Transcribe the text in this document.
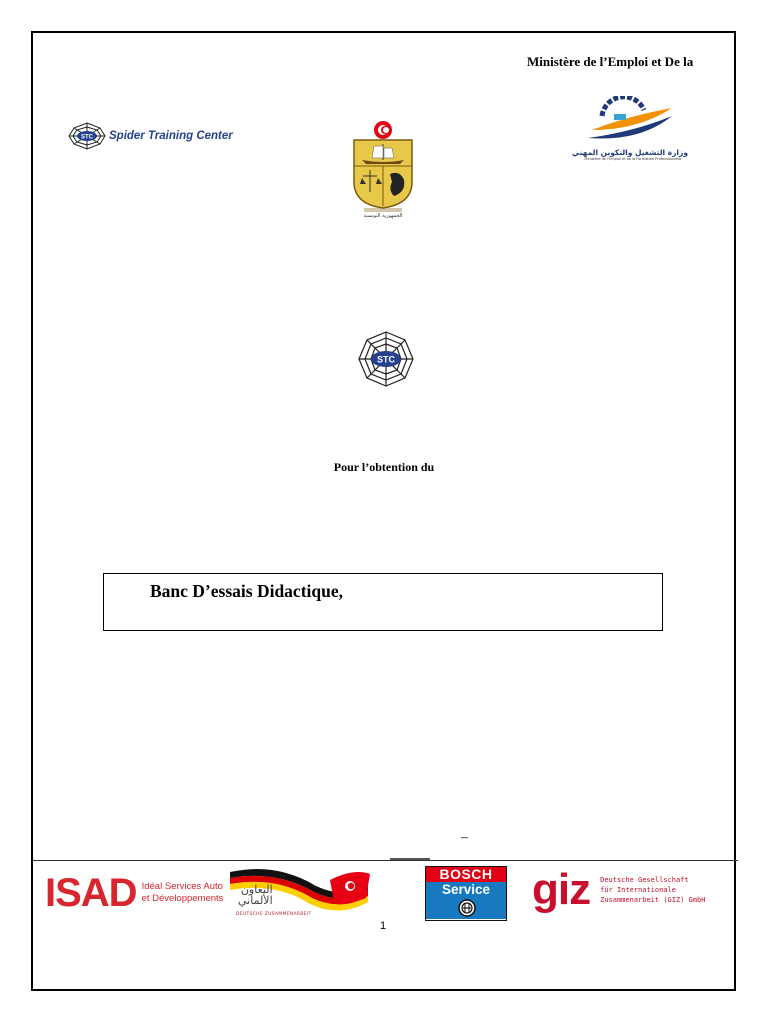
Ministère de l’Emploi et De la
STC Spider Training Center
الجمهورية التونسية
وزارة التشغيل والتكوين المهني
Ministère de l'Emploi et de la Formation Professionnelle
STC
Pour l’obtention du
Banc D’essais Didactique,
–
ISAD Idéal Services Auto
et Développements
التعاون
الألماني
DEUTSCHE ZUSAMMENARBEIT
BOSCH
Service giz Deutsche Gesellschaft
für Internationale
Zusammenarbeit (GIZ) GmbH
1
